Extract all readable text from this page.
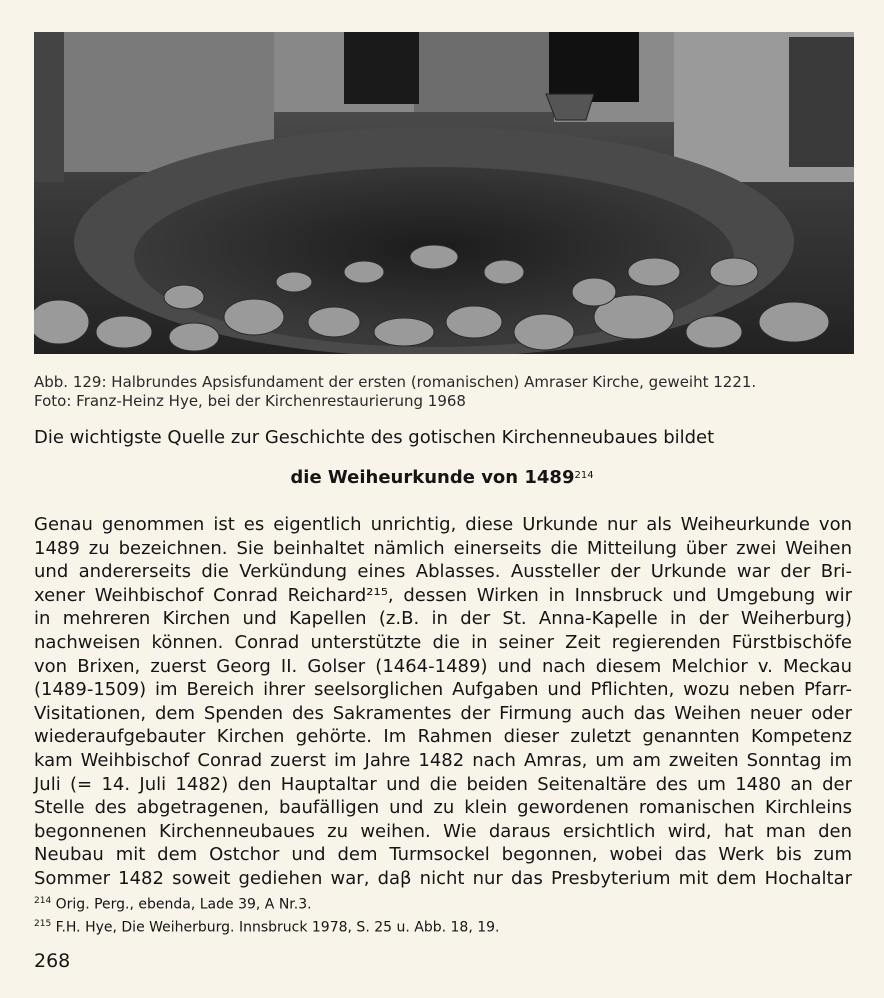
Abb. 129: Halbrundes Apsisfundament der ersten (romanischen) Amraser Kirche, geweiht 1221.
Foto: Franz-Heinz Hye, bei der Kirchenrestaurierung 1968
Die wichtigste Quelle zur Geschichte des gotischen Kirchenneubaues bildet
die Weiheurkunde von 1489$^{214}$
Genau genommen ist es eigentlich unrichtig, diese Urkunde nur als Weiheurkunde von
1489 zu bezeichnen. Sie beinhaltet nämlich einerseits die Mitteilung über zwei Weihen
und andererseits die Verkündung eines Ablasses. Aussteller der Urkunde war der Bri-
xener Weihbischof Conrad Reichard²¹⁵, dessen Wirken in Innsbruck und Umgebung wir
in mehreren Kirchen und Kapellen (z.B. in der St. Anna-Kapelle in der Weiherburg)
nachweisen können. Conrad unterstützte die in seiner Zeit regierenden Fürstbischöfe
von Brixen, zuerst Georg II. Golser (1464-1489) und nach diesem Melchior v. Meckau
(1489-1509) im Bereich ihrer seelsorglichen Aufgaben und Pflichten, wozu neben Pfarr-
Visitationen, dem Spenden des Sakramentes der Firmung auch das Weihen neuer oder
wiederaufgebauter Kirchen gehörte. Im Rahmen dieser zuletzt genannten Kompetenz
kam Weihbischof Conrad zuerst im Jahre 1482 nach Amras, um am zweiten Sonntag im
Juli (= 14. Juli 1482) den Hauptaltar und die beiden Seitenaltäre des um 1480 an der
Stelle des abgetragenen, baufälligen und zu klein gewordenen romanischen Kirchleins
begonnenen Kirchenneubaues zu weihen. Wie daraus ersichtlich wird, hat man den
Neubau mit dem Ostchor und dem Turmsockel begonnen, wobei das Werk bis zum
Sommer 1482 soweit gediehen war, daβ nicht nur das Presbyterium mit dem Hochaltar
$^{214}$ Orig. Perg., ebenda, Lade 39, A Nr.3.
$^{215}$ F.H. Hye, Die Weiherburg. Innsbruck 1978, S. 25 u. Abb. 18, 19.
268
